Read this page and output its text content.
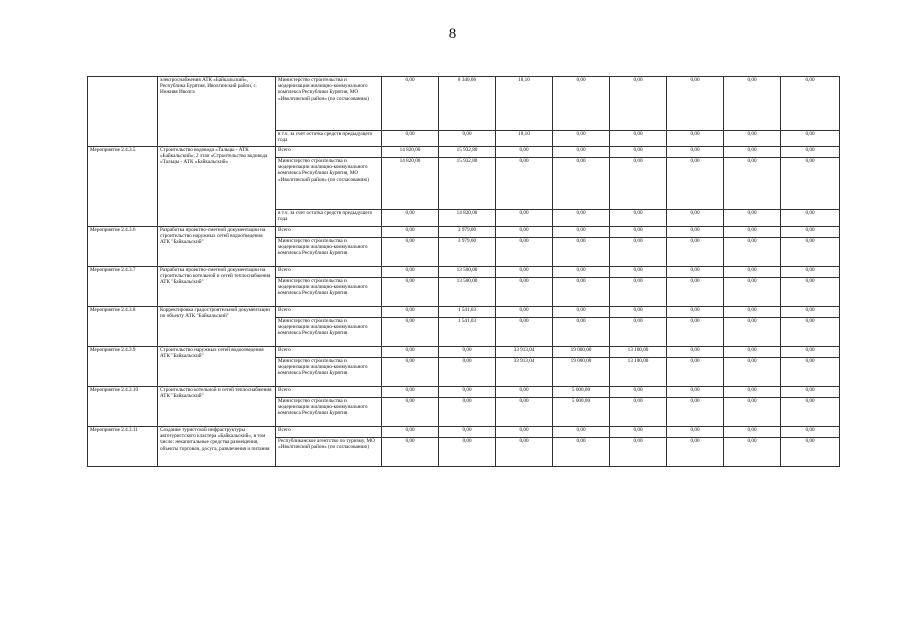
8
	электроснабжения АТК «Байкальский», Республика Бурятия, Иволгинский район, с. Нижняя Иволга	Министерство строительства и модернизации жилищно-коммунального комплекса Республики Бурятия, МО «Иволгинский район» (по согласованию)	0,00	8 340,06	18,10	0,00	0,00	0,00	0,00	0,00
		в т.ч. за счет остатка средств предыдущего года	0,00	0,00	18,10	0,00	0,00	0,00	0,00	0,00
Мероприятие 2.4.3.5	Строительство водовода «Тальцы - АТК «Байкальский», 2 этап «Строительство водовода «Тальцы - АТК «Байкальский»	Всего	14 820,00	15 932,80	0,00	0,00	0,00	0,00	0,00	0,00
		Министерство строительства и модернизации жилищно-коммунального комплекса Республики Бурятия, МО «Иволгинский район» (по согласованию)	14 820,00	15 932,80	0,00	0,00	0,00	0,00	0,00	0,00
		в т.ч. за счет остатка средств предыдущего года	0,00	14 820,00	0,00	0,00	0,00	0,00	0,00	0,00
Мероприятие 2.4.3.6	Разработка проектно-сметной документации на строительство наружных сетей водоотведения АТК "Байкальский"	Всего	0,00	3 979,00	0,00	0,00	0,00	0,00	0,00	0,00
		Министерство строительства и модернизации жилищно-коммунального комплекса Республики Бурятия	0,00	3 979,00	0,00	0,00	0,00	0,00	0,00	0,00
Мероприятие 2.4.3.7	Разработка проектно-сметной документации на строительство котельной и сетей теплоснабжения АТК "Байкальский"	Всего	0,00	13 500,00	0,00	0,00	0,00	0,00	0,00	0,00
		Министерство строительства и модернизации жилищно-коммунального комплекса Республики Бурятия	0,00	13 500,00	0,00	0,00	0,00	0,00	0,00	0,00
Мероприятие 2.4.3.8	Корректировка градостроительной документации по объекту АТК "Байкальский"	Всего	0,00	1 541,03	0,00	0,00	0,00	0,00	0,00	0,00
		Министерство строительства и модернизации жилищно-коммунального комплекса Республики Бурятия	0,00	1 541,03	0,00	0,00	0,00	0,00	0,00	0,00
Мероприятие 2.4.3.9	Строительство наружных сетей водоотведения АТК "Байкальский"	Всего	0,00	0,00	33 913,04	19 000,00	13 100,00	0,00	0,00	0,00
		Министерство строительства и модернизации жилищно-коммунального комплекса Республики Бурятия	0,00	0,00	33 913,04	19 000,00	13 100,00	0,00	0,00	0,00
Мероприятие 2.4.3.10	Строительство котельной и сетей теплоснабжения АТК "Байкальский"	Всего	0,00	0,00	0,00	5 000,00	0,00	0,00	0,00	0,00
		Министерство строительства и модернизации жилищно-коммунального комплекса Республики Бурятия	0,00	0,00	0,00	5 000,00	0,00	0,00	0,00	0,00
Мероприятие 2.4.3.11	Создание туристской инфраструктуры автотуристского кластера «Байкальский», в том числе: некапитальные средства размещения, объекты торговли, досуга, развлечения и питания	Всего	0,00	0,00	0,00	0,00	0,00	0,00	0,00	0,00
		Республиканское агентство по туризму, МО «Иволгинский район» (по согласованию)	0,00	0,00	0,00	0,00	0,00	0,00	0,00	0,00
